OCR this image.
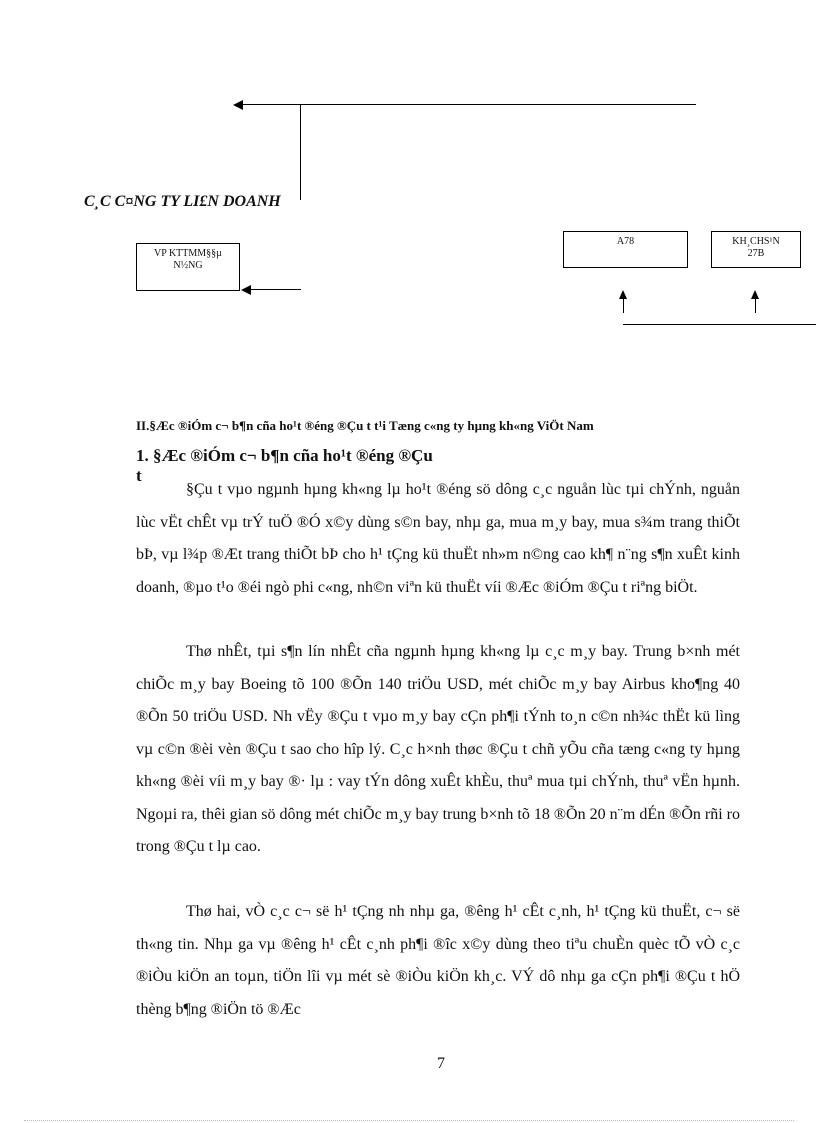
C¸C C¤NG TY LI£N DOANH
VP KTTMM§§µ
N½NG
A78	KH¸CHS¹N
27B
II.§Æc ®iÓm c¬ b¶n cña ho¹t ®éng ®Çu t t¹i Tæng c«ng ty hµng kh«ng ViÖt Nam
1. §Æc ®iÓm c¬ b¶n cña ho¹t ®éng ®Çu t

§Çu t vµo ngµnh hµng kh«ng lµ ho¹t ®éng sö dông c¸c nguån lùc tµi chÝnh, nguån lùc vËt chÊt vµ trÝ tuÖ ®Ó x©y dùng s©n bay, nhµ ga, mua m¸y bay, mua s¾m trang thiÕt bÞ, vµ l¾p ®Æt trang thiÕt bÞ cho h¹ tÇng kü thuËt nh»m n©ng cao kh¶ n¨ng s¶n xuÊt kinh doanh, ®µo t¹o ®éi ngò phi c«ng, nh©n viªn kü thuËt víi ®Æc ®iÓm ®Çu t riªng biÖt.

Thø nhÊt, tµi s¶n lín nhÊt cña ngµnh hµng kh«ng lµ c¸c m¸y bay. Trung b×nh mét chiÕc m¸y bay Boeing tõ 100 ®Õn 140 triÖu USD, mét chiÕc m¸y bay Airbus kho¶ng 40 ®Õn 50 triÖu USD. Nh vËy ®Çu t vµo m¸y bay cÇn ph¶i tÝnh to¸n c©n nh¾c thËt kü lìng vµ c©n ®èi vèn ®Çu t sao cho hîp lý. C¸c h×nh thøc ®Çu t chñ yÕu cña tæng c«ng ty hµng kh«ng ®èi víi m¸y bay ®· lµ : vay tÝn dông xuÊt khÈu, thuª mua tµi chÝnh, thuª vËn hµnh. Ngoµi ra, thêi gian sö dông mét chiÕc m¸y bay trung b×nh tõ 18 ®Õn 20 n¨m dÉn ®Õn rñi ro trong ®Çu t lµ cao.

Thø hai, vÒ c¸c c¬ së h¹ tÇng nh nhµ ga, ®êng h¹ cÊt c¸nh, h¹ tÇng kü thuËt, c¬ së th«ng tin. Nhµ ga vµ ®êng h¹ cÊt c¸nh ph¶i ®îc x©y dùng theo tiªu chuÈn quèc tÕ vÒ c¸c ®iÒu kiÖn an toµn, tiÖn lîi vµ mét sè ®iÒu kiÖn kh¸c. VÝ dô nhµ ga cÇn ph¶i ®Çu t hÖ thèng b¶ng ®iÖn tö ®Æc

7
